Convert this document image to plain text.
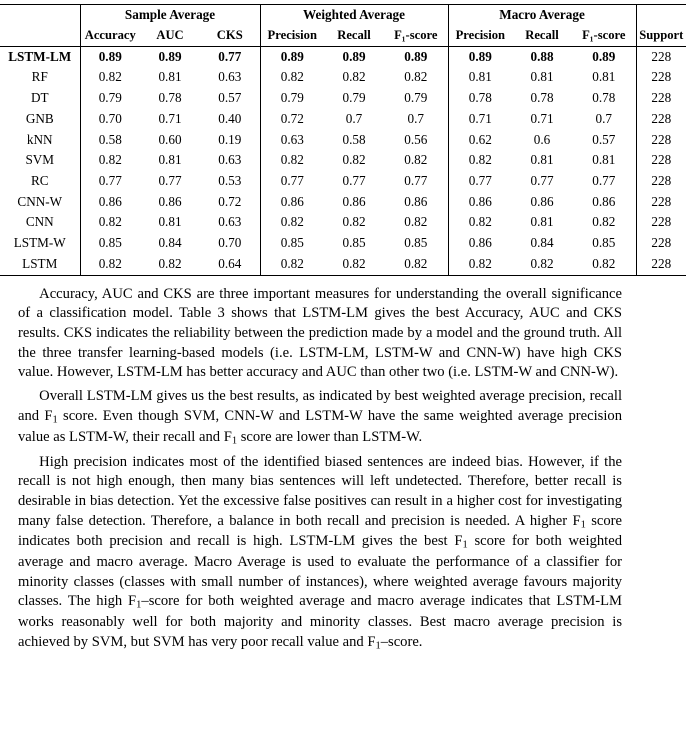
	Sample Average			Weighted Average			Macro Average			
	Accuracy	AUC	CKS	Precision	Recall	F₁-score	Precision	Recall	F₁-score	Support
LSTM-LM	0.89	0.89	0.77	0.89	0.89	0.89	0.89	0.88	0.89	228
RF	0.82	0.81	0.63	0.82	0.82	0.82	0.81	0.81	0.81	228
DT	0.79	0.78	0.57	0.79	0.79	0.79	0.78	0.78	0.78	228
GNB	0.70	0.71	0.40	0.72	0.7	0.7	0.71	0.71	0.7	228
kNN	0.58	0.60	0.19	0.63	0.58	0.56	0.62	0.6	0.57	228
SVM	0.82	0.81	0.63	0.82	0.82	0.82	0.82	0.81	0.81	228
RC	0.77	0.77	0.53	0.77	0.77	0.77	0.77	0.77	0.77	228
CNN-W	0.86	0.86	0.72	0.86	0.86	0.86	0.86	0.86	0.86	228
CNN	0.82	0.81	0.63	0.82	0.82	0.82	0.82	0.81	0.82	228
LSTM-W	0.85	0.84	0.70	0.85	0.85	0.85	0.86	0.84	0.85	228
LSTM	0.82	0.82	0.64	0.82	0.82	0.82	0.82	0.82	0.82	228

Accuracy, AUC and CKS are three important measures for understanding the overall significance of a classification model. Table 3 shows that LSTM-LM gives the best Accuracy, AUC and CKS results. CKS indicates the reliability between the prediction made by a model and the ground truth. All the three transfer learning-based models (i.e. LSTM-LM, LSTM-W and CNN-W) have high CKS value. However, LSTM-LM has better accuracy and AUC than other two (i.e. LSTM-W and CNN-W).

Overall LSTM-LM gives us the best results, as indicated by best weighted average precision, recall and $F_1$ score. Even though SVM, CNN-W and LSTM-W have the same weighted average precision value as LSTM-W, their recall and $F_1$ score are lower than LSTM-W.

High precision indicates most of the identified biased sentences are indeed bias. However, if the recall is not high enough, then many bias sentences will left undetected. Therefore, better recall is desirable in bias detection. Yet the excessive false positives can result in a higher cost for investigating many false detection. Therefore, a balance in both recall and precision is needed. A higher $F_1$ score indicates both precision and recall is high. LSTM-LM gives the best $F_1$ score for both weighted average and macro average. Macro Average is used to evaluate the performance of a classifier for minority classes (classes with small number of instances), where weighted average favours majority classes. The high $F_1$–score for both weighted average and macro average indicates that LSTM-LM works reasonably well for both majority and minority classes. Best macro average precision is achieved by SVM, but SVM has very poor recall value and $F_1$–score.
